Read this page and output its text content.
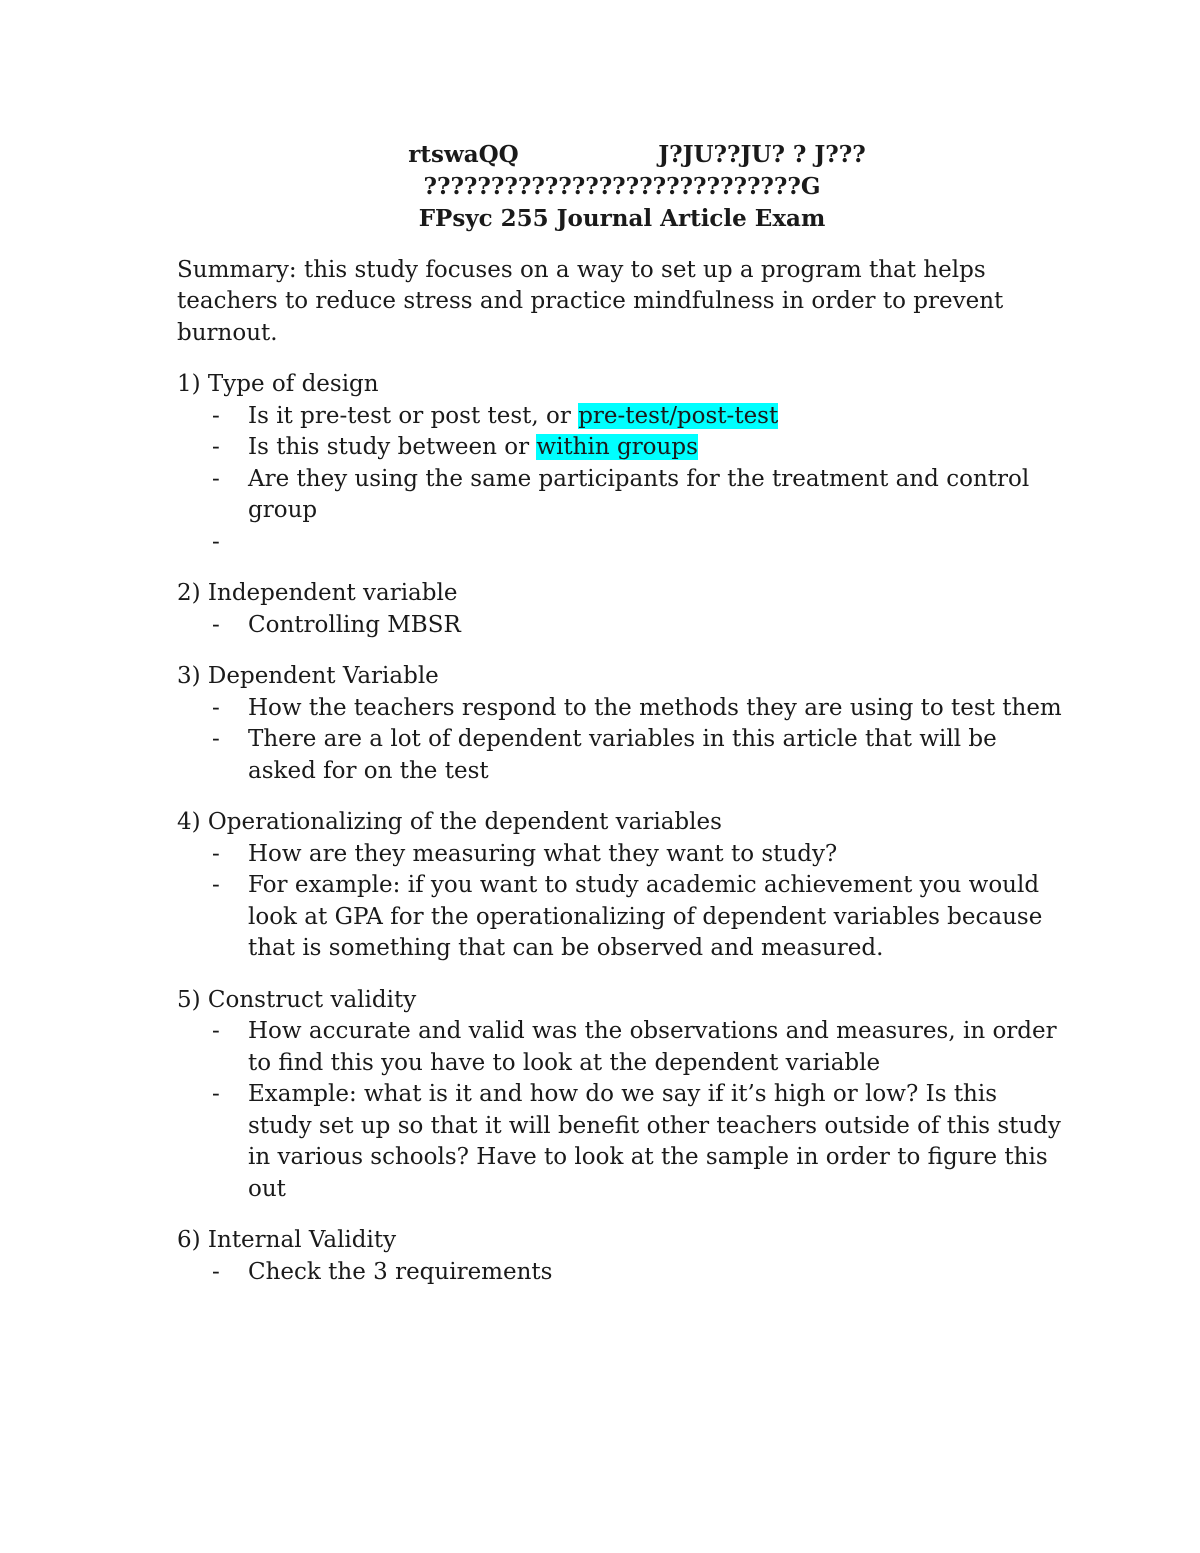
rtswaQQ	J?JU??JU? ? J???
????????????????????????????G
FPsyc 255 Journal Article Exam
Summary: this study focuses on a way to set up a program that helps teachers to reduce stress and practice mindfulness in order to prevent burnout.
1) Type of design
-	Is it pre-test or post test, or pre-test/post-test
-	Is this study between or within groups
-	Are they using the same participants for the treatment and control group
-

2) Independent variable
-	Controlling MBSR
3) Dependent Variable
-	How the teachers respond to the methods they are using to test them
-	There are a lot of dependent variables in this article that will be asked for on the test
4) Operationalizing of the dependent variables
-	How are they measuring what they want to study?
-	For example: if you want to study academic achievement you would look at GPA for the operationalizing of dependent variables because that is something that can be observed and measured.
5) Construct validity
-	How accurate and valid was the observations and measures, in order to find this you have to look at the dependent variable
-	Example: what is it and how do we say if it’s high or low? Is this study set up so that it will benefit other teachers outside of this study in various schools? Have to look at the sample in order to figure this out
6) Internal Validity
-	Check the 3 requirements
